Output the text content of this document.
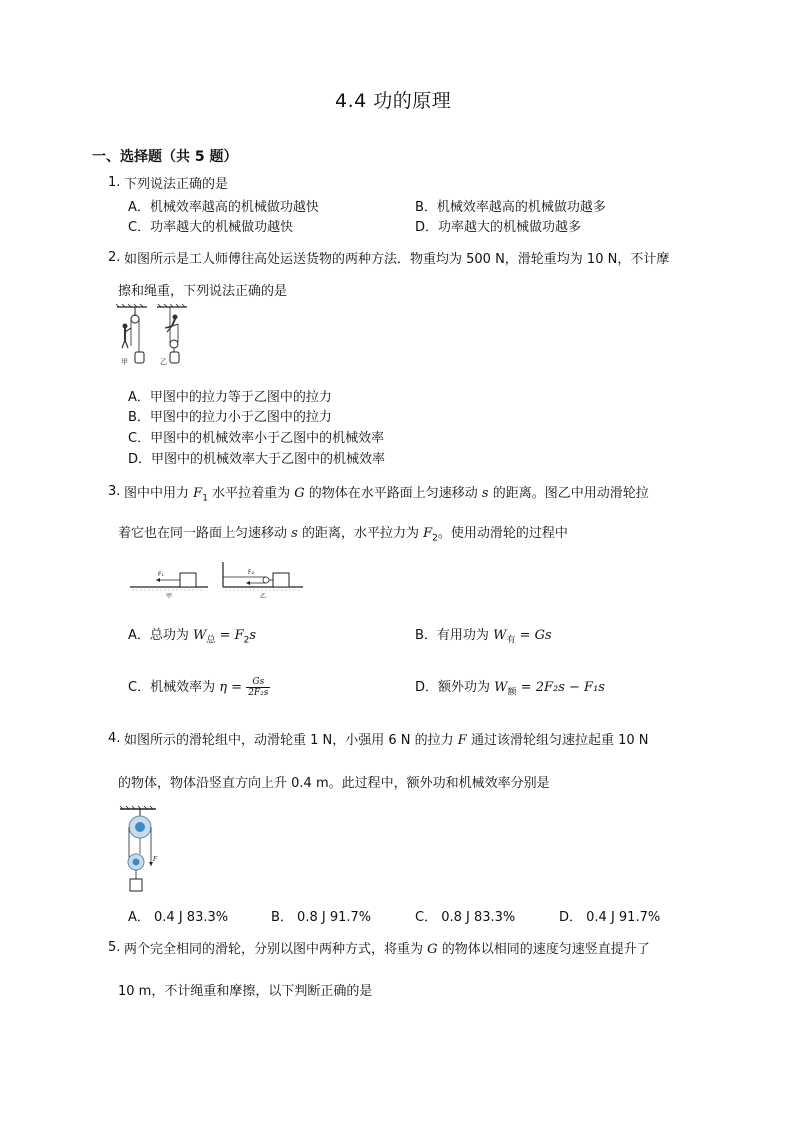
4.4 功的原理
一、选择题（共 5 题）
1. 下列说法正确的是
A．机械效率越高的机械做功越快	B．机械效率越高的机械做功越多
C．功率越大的机械做功越快	D．功率越大的机械做功越多
2. 如图所示是工人师傅往高处运送货物的两种方法．物重均为 500 N，滑轮重均为 10 N，不计摩
擦和绳重，下列说法正确的是
甲	乙
A．甲图中的拉力等于乙图中的拉力
B．甲图中的拉力小于乙图中的拉力
C．甲图中的机械效率小于乙图中的机械效率
D．甲图中的机械效率大于乙图中的机械效率
3. 图中中用力 $F_1$ 水平拉着重为 G 的物体在水平路面上匀速移动 s 的距离。图乙中用动滑轮拉
着它也在同一路面上匀速移动 s 的距离，水平拉力为 $F_2$。使用动滑轮的过程中
F₁
甲
F₂
乙
A．总功为 $W_总 = F_2s$	B．有用功为 $W_有 = Gs$
C．机械效率为 $\eta = \frac{Gs}{\text{2F₂s}}$	D．额外功为 $W_额 = 2F_2s - F_1s$
4. 如图所示的滑轮组中，动滑轮重 1 N，小强用 6 N 的拉力 F 通过该滑轮组匀速拉起重 10 N
的物体，物体沿竖直方向上升 0.4 m。此过程中，额外功和机械效率分别是
F
A． 0.4 J 83.3%	B． 0.8 J 91.7%	C． 0.8 J 83.3%	D． 0.4 J 91.7%
5. 两个完全相同的滑轮，分别以图中两种方式，将重为 G 的物体以相同的速度匀速竖直提升了
10 m，不计绳重和摩擦，以下判断正确的是
